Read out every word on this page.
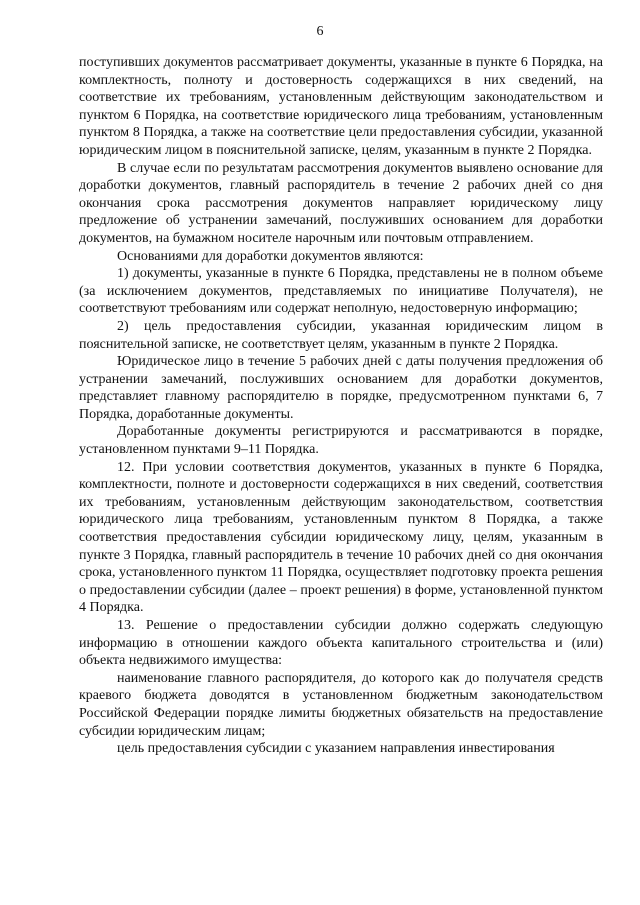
6

поступивших документов рассматривает документы, указанные в пункте 6 Порядка, на комплектность, полноту и достоверность содержащихся в них сведений, на соответствие их требованиям, установленным действующим законодательством и пунктом 6 Порядка, на соответствие юридического лица требованиям, установленным пунктом 8 Порядка, а также на соответствие цели предоставления субсидии, указанной юридическим лицом в пояснительной записке, целям, указанным в пункте 2 Порядка.

В случае если по результатам рассмотрения документов выявлено основание для доработки документов, главный распорядитель в течение 2 рабочих дней со дня окончания срока рассмотрения документов направляет юридическому лицу предложение об устранении замечаний, послуживших основанием для доработки документов, на бумажном носителе нарочным или почтовым отправлением.

Основаниями для доработки документов являются:

1) документы, указанные в пункте 6 Порядка, представлены не в полном объеме (за исключением документов, представляемых по инициативе Получателя), не соответствуют требованиям или содержат неполную, недостоверную информацию;

2) цель предоставления субсидии, указанная юридическим лицом в пояснительной записке, не соответствует целям, указанным в пункте 2 Порядка.

Юридическое лицо в течение 5 рабочих дней с даты получения предложения об устранении замечаний, послуживших основанием для доработки документов, представляет главному распорядителю в порядке, предусмотренном пунктами 6, 7 Порядка, доработанные документы.

Доработанные документы регистрируются и рассматриваются в порядке, установленном пунктами 9–11 Порядка.

12. При условии соответствия документов, указанных в пункте 6 Порядка, комплектности, полноте и достоверности содержащихся в них сведений, соответствия их требованиям, установленным действующим законодательством, соответствия юридического лица требованиям, установленным пунктом 8 Порядка, а также соответствия предоставления субсидии юридическому лицу, целям, указанным в пункте 3 Порядка, главный распорядитель в течение 10 рабочих дней со дня окончания срока, установленного пунктом 11 Порядка, осуществляет подготовку проекта решения о предоставлении субсидии (далее – проект решения) в форме, установленной пунктом 4 Порядка.

13. Решение о предоставлении субсидии должно содержать следующую информацию в отношении каждого объекта капитального строительства и (или) объекта недвижимого имущества:

наименование главного распорядителя, до которого как до получателя средств краевого бюджета доводятся в установленном бюджетным законодательством Российской Федерации порядке лимиты бюджетных обязательств на предоставление субсидии юридическим лицам;

цель предоставления субсидии с указанием направления инвестирования
